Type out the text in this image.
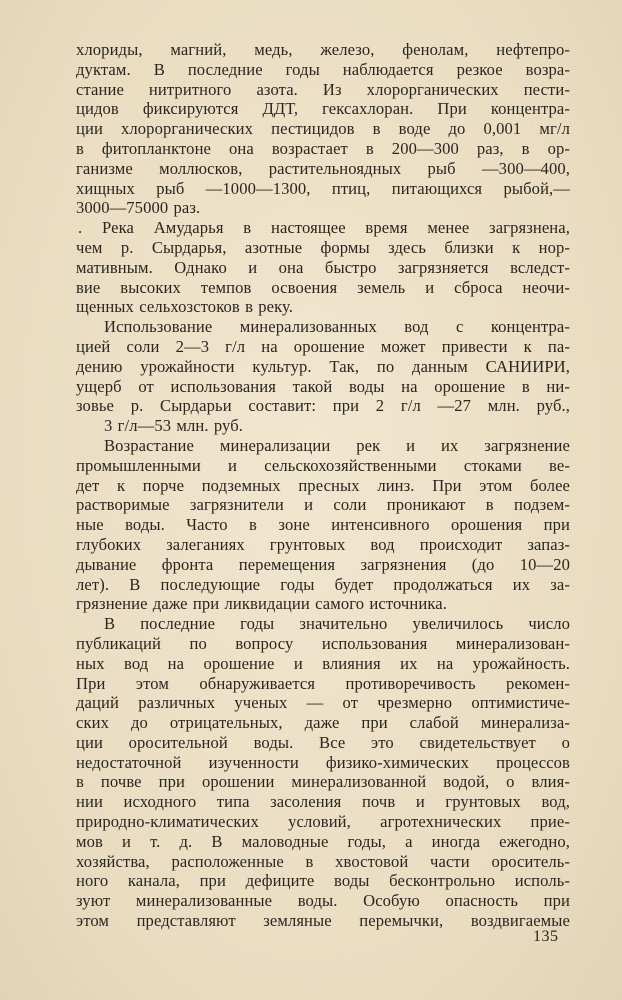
хлориды, магний, медь, железо, фенолам, нефтепро-
дуктам. В последние годы наблюдается резкое возра-
стание нитритного азота. Из хлорорганических пести-
цидов фиксируются ДДТ, гексахлоран. При концентра-
ции хлорорганических пестицидов в воде до 0,001 мг/л
в фитопланктоне она возрастает в 200—300 раз, в ор-
ганизме моллюсков, растительноядных рыб —300—400,
хищных рыб —1000—1300, птиц, питающихся рыбой,—
3000—75000 раз.
. Река Амударья в настоящее время менее загрязнена,
чем р. Сырдарья, азотные формы здесь близки к нор-
мативным. Однако и она быстро загрязняется вследст-
вие высоких темпов освоения земель и сброса неочи-
щенных сельхозстоков в реку.
Использование минерализованных вод с концентра-
цией соли 2—3 г/л на орошение может привести к па-
дению урожайности культур. Так, по данным САНИИРИ,
ущерб от использования такой воды на орошение в ни-
зовье р. Сырдарьи составит: при 2 г/л —27 млн. руб.,
3 г/л—53 млн. руб.
Возрастание минерализации рек и их загрязнение
промышленными и сельскохозяйственными стоками ве-
дет к порче подземных пресных линз. При этом более
растворимые загрязнители и соли проникают в подзем-
ные воды. Часто в зоне интенсивного орошения при
глубоких залеганиях грунтовых вод происходит запаз-
дывание фронта перемещения загрязнения (до 10—20
лет). В последующие годы будет продолжаться их за-
грязнение даже при ликвидации самого источника.
В последние годы значительно увеличилось число
публикаций по вопросу использования минерализован-
ных вод на орошение и влияния их на урожайность.
При этом обнаруживается противоречивость рекомен-
даций различных ученых — от чрезмерно оптимистиче-
ских до отрицательных, даже при слабой минерализа-
ции оросительной воды. Все это свидетельствует о
недостаточной изученности физико-химических процессов
в почве при орошении минерализованной водой, о влия-
нии исходного типа засоления почв и грунтовых вод,
природно-климатических условий, агротехнических прие-
мов и т. д. В маловодные годы, а иногда ежегодно,
хозяйства, расположенные в хвостовой части ороситель-
ного канала, при дефиците воды бесконтрольно исполь-
зуют минерализованные воды. Особую опасность при
этом представляют земляные перемычки, воздвигаемые
135
